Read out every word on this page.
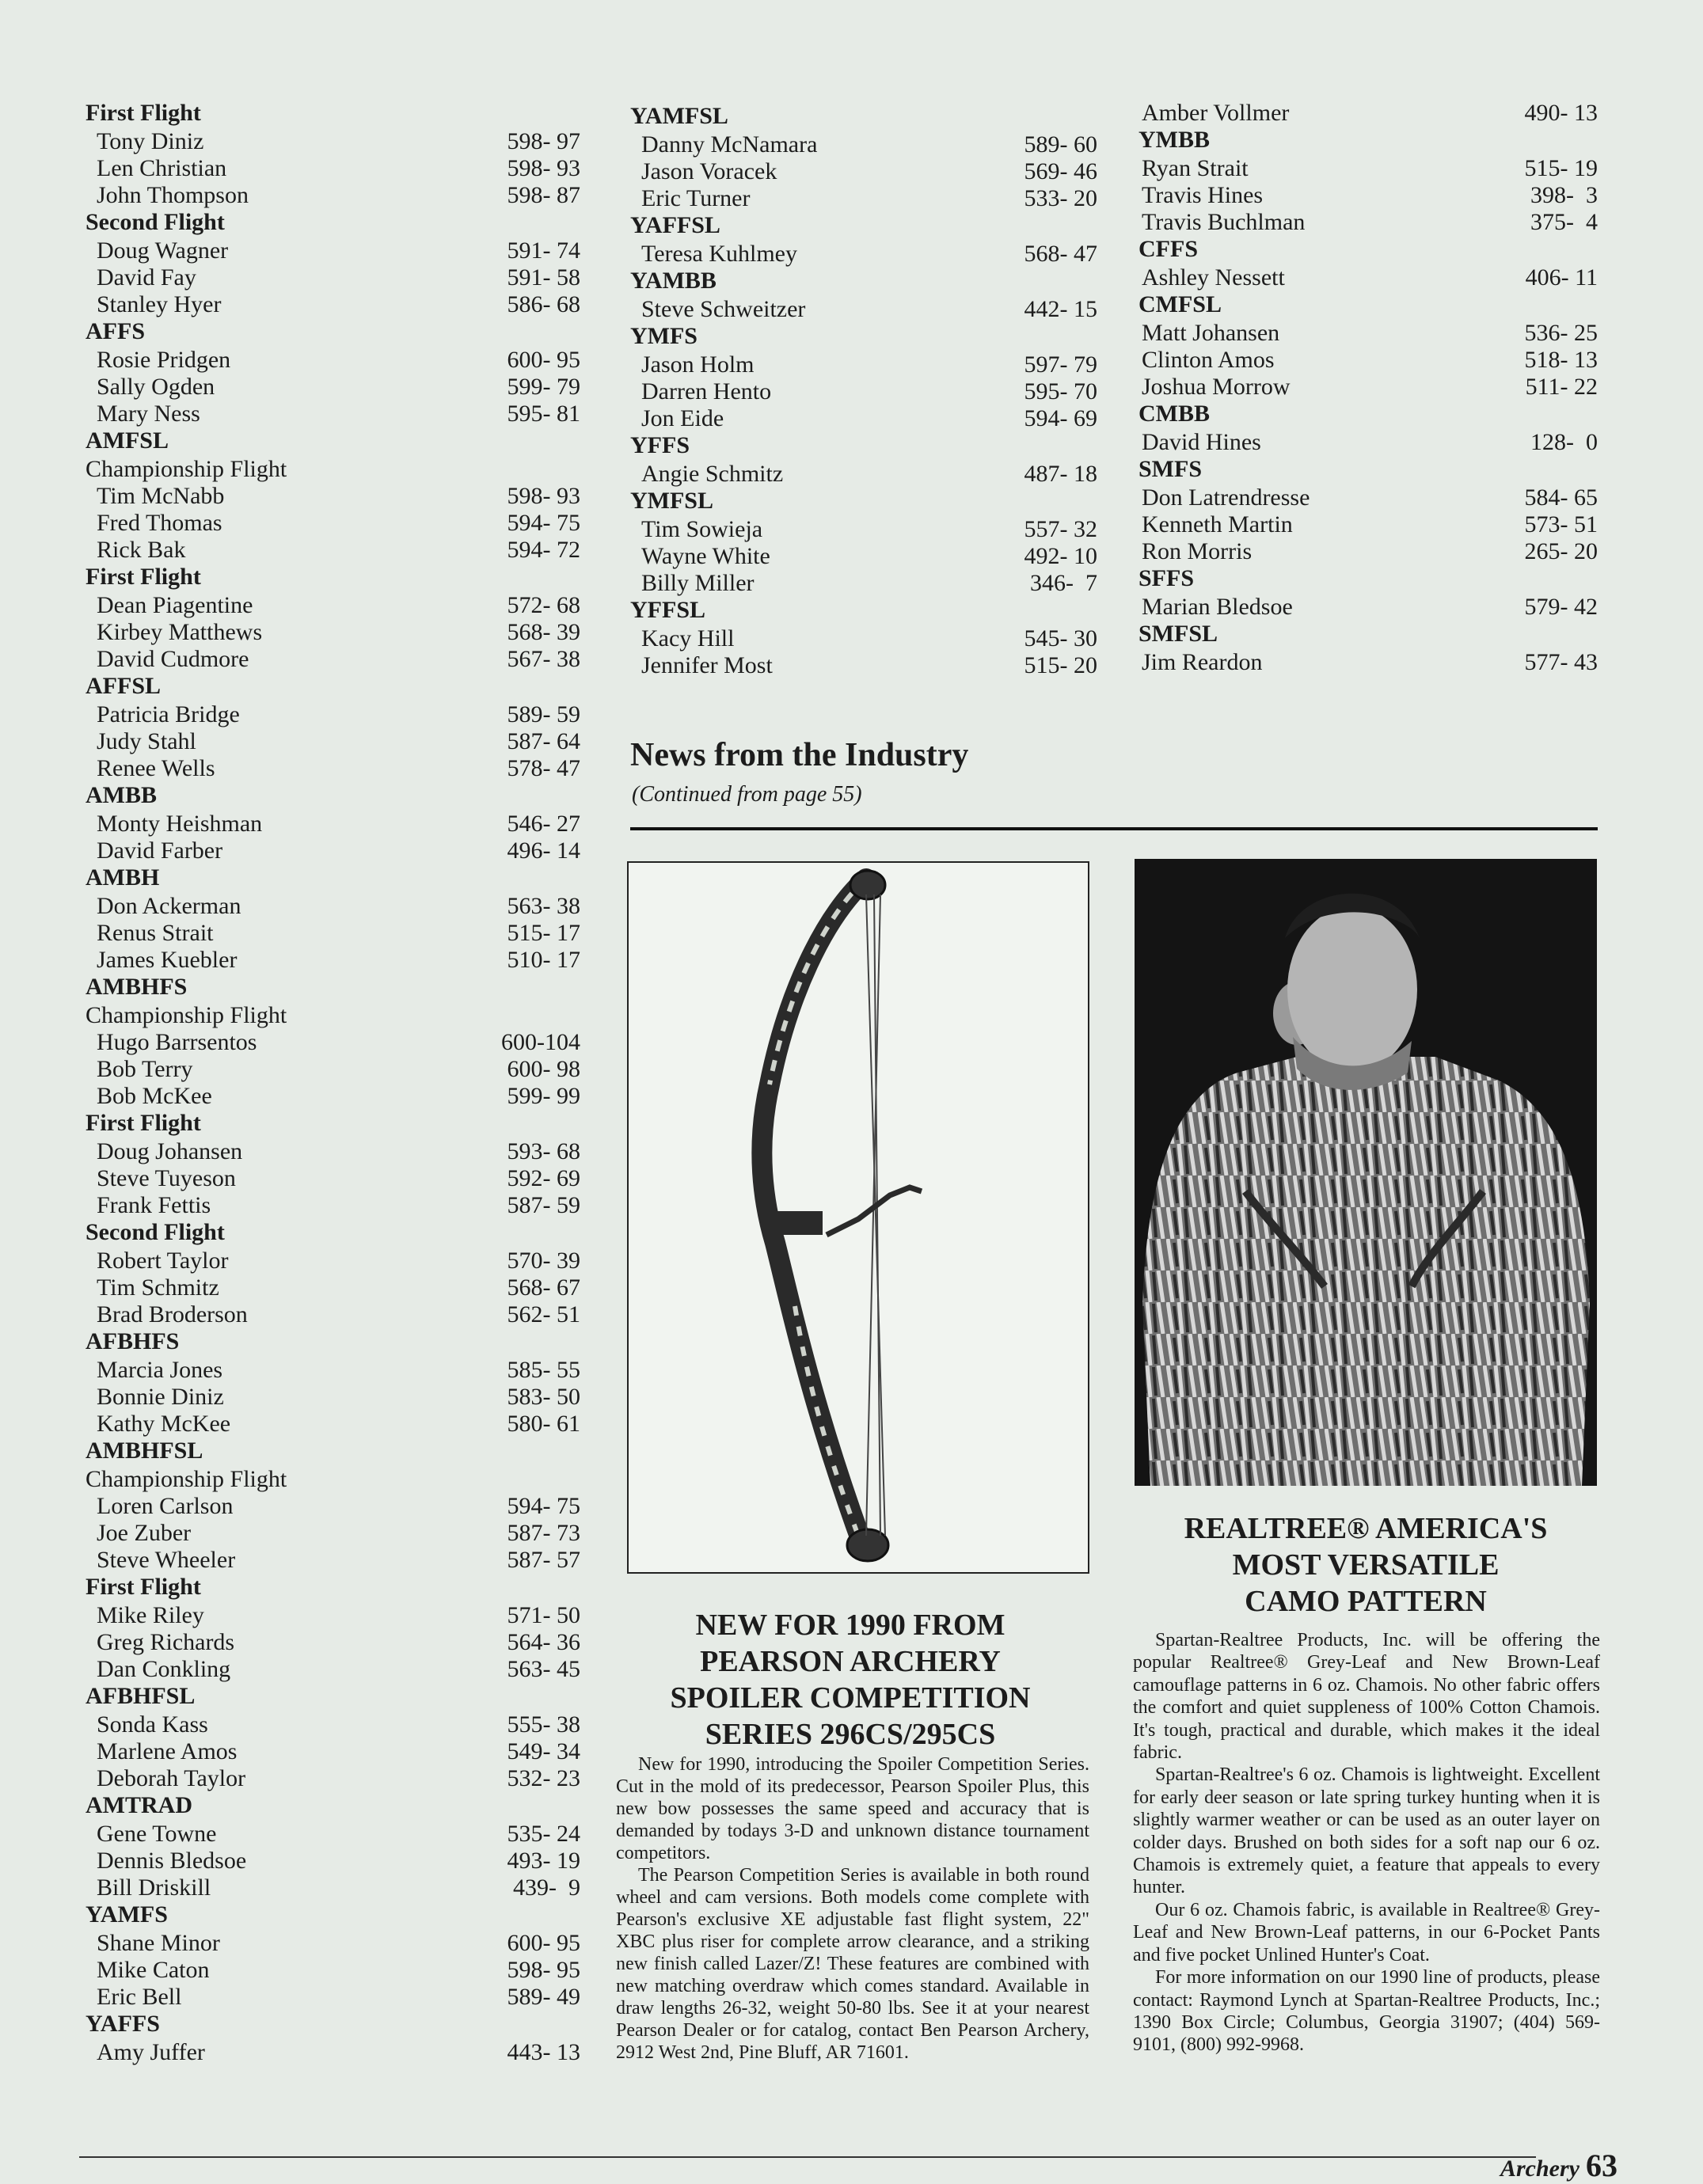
First Flight
Tony Diniz	598- 97
Len Christian	598- 93
John Thompson	598- 87
Second Flight
Doug Wagner	591- 74
David Fay	591- 58
Stanley Hyer	586- 68
AFFS
Rosie Pridgen	600- 95
Sally Ogden	599- 79
Mary Ness	595- 81
AMFSL
Championship Flight
Tim McNabb	598- 93
Fred Thomas	594- 75
Rick Bak	594- 72
First Flight
Dean Piagentine	572- 68
Kirbey Matthews	568- 39
David Cudmore	567- 38
AFFSL
Patricia Bridge	589- 59
Judy Stahl	587- 64
Renee Wells	578- 47
AMBB
Monty Heishman	546- 27
David Farber	496- 14
AMBH
Don Ackerman	563- 38
Renus Strait	515- 17
James Kuebler	510- 17
AMBHFS
Championship Flight
Hugo Barrsentos	600-104
Bob Terry	600- 98
Bob McKee	599- 99
First Flight
Doug Johansen	593- 68
Steve Tuyeson	592- 69
Frank Fettis	587- 59
Second Flight
Robert Taylor	570- 39
Tim Schmitz	568- 67
Brad Broderson	562- 51
AFBHFS
Marcia Jones	585- 55
Bonnie Diniz	583- 50
Kathy McKee	580- 61
AMBHFSL
Championship Flight
Loren Carlson	594- 75
Joe Zuber	587- 73
Steve Wheeler	587- 57
First Flight
Mike Riley	571- 50
Greg Richards	564- 36
Dan Conkling	563- 45
AFBHFSL
Sonda Kass	555- 38
Marlene Amos	549- 34
Deborah Taylor	532- 23
AMTRAD
Gene Towne	535- 24
Dennis Bledsoe	493- 19
Bill Driskill	439-  9
YAMFS
Shane Minor	600- 95
Mike Caton	598- 95
Eric Bell	589- 49
YAFFS
Amy Juffer	443- 13
YAMFSL
Danny McNamara	589- 60
Jason Voracek	569- 46
Eric Turner	533- 20
YAFFSL
Teresa Kuhlmey	568- 47
YAMBB
Steve Schweitzer	442- 15
YMFS
Jason Holm	597- 79
Darren Hento	595- 70
Jon Eide	594- 69
YFFS
Angie Schmitz	487- 18
YMFSL
Tim Sowieja	557- 32
Wayne White	492- 10
Billy Miller	346-  7
YFFSL
Kacy Hill	545- 30
Jennifer Most	515- 20
Amber Vollmer	490- 13
YMBB
Ryan Strait	515- 19
Travis Hines	398-  3
Travis Buchlman	375-  4
CFFS
Ashley Nessett	406- 11
CMFSL
Matt Johansen	536- 25
Clinton Amos	518- 13
Joshua Morrow	511- 22
CMBB
David Hines	128-  0
SMFS
Don Latrendresse	584- 65
Kenneth Martin	573- 51
Ron Morris	265- 20
SFFS
Marian Bledsoe	579- 42
SMFSL
Jim Reardon	577- 43
News from the Industry
(Continued from page 55)
NEW FOR 1990 FROM
PEARSON ARCHERY
SPOILER COMPETITION
SERIES 296CS/295CS

New for 1990, introducing the Spoiler Competition Series. Cut in the mold of its predecessor, Pearson Spoiler Plus, this new bow possesses the same speed and accuracy that is demanded by todays 3-D and unknown distance tournament competitors.

The Pearson Competition Series is available in both round wheel and cam versions. Both models come complete with Pearson's exclusive XE adjustable fast flight system, 22" XBC plus riser for complete arrow clearance, and a striking new finish called Lazer/Z! These features are combined with new matching overdraw which comes standard. Available in draw lengths 26-32, weight 50-80 lbs. See it at your nearest Pearson Dealer or for catalog, contact Ben Pearson Archery, 2912 West 2nd, Pine Bluff, AR 71601.

REALTREE® AMERICA'S
MOST VERSATILE
CAMO PATTERN

Spartan-Realtree Products, Inc. will be offering the popular Realtree® Grey-Leaf and New Brown-Leaf camouflage patterns in 6 oz. Chamois. No other fabric offers the comfort and quiet suppleness of 100% Cotton Chamois. It's tough, practical and durable, which makes it the ideal fabric.

Spartan-Realtree's 6 oz. Chamois is lightweight. Excellent for early deer season or late spring turkey hunting when it is slightly warmer weather or can be used as an outer layer on colder days. Brushed on both sides for a soft nap our 6 oz. Chamois is extremely quiet, a feature that appeals to every hunter.

Our 6 oz. Chamois fabric, is available in Realtree® Grey-Leaf and New Brown-Leaf patterns, in our 6-Pocket Pants and five pocket Unlined Hunter's Coat.

For more information on our 1990 line of products, please contact: Raymond Lynch at Spartan-Realtree Products, Inc.; 1390 Box Circle; Columbus, Georgia 31907; (404) 569-9101, (800) 992-9968.

Archery 63
